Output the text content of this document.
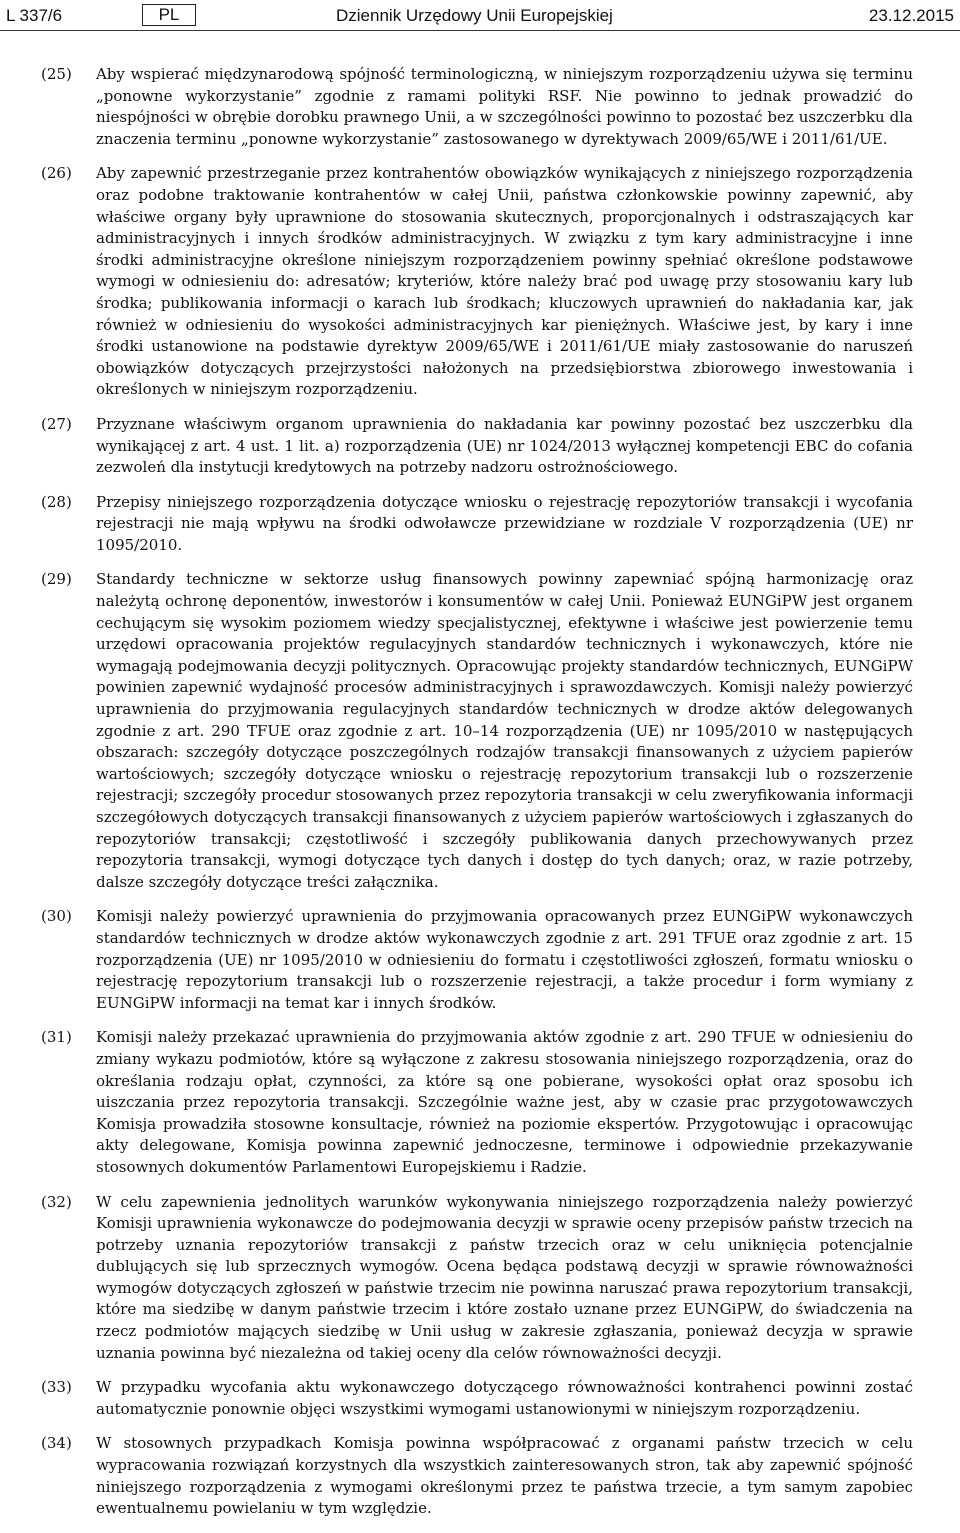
L 337/6	PL	Dziennik Urzędowy Unii Europejskiej	23.12.2015
(25) Aby wspierać międzynarodową spójność terminologiczną, w niniejszym rozporządzeniu używa się terminu „ponowne wykorzystanie” zgodnie z ramami polityki RSF. Nie powinno to jednak prowadzić do niespójności w obrębie dorobku prawnego Unii, a w szczególności powinno to pozostać bez uszczerbku dla znaczenia terminu „ponowne wykorzystanie” zastosowanego w dyrektywach 2009/65/WE i 2011/61/UE.
(26) Aby zapewnić przestrzeganie przez kontrahentów obowiązków wynikających z niniejszego rozporządzenia oraz podobne traktowanie kontrahentów w całej Unii, państwa członkowskie powinny zapewnić, aby właściwe organy były uprawnione do stosowania skutecznych, proporcjonalnych i odstraszających kar administracyjnych i innych środków administracyjnych. W związku z tym kary administracyjne i inne środki administracyjne określone niniejszym rozporządzeniem powinny spełniać określone podstawowe wymogi w odniesieniu do: adresatów; kryteriów, które należy brać pod uwagę przy stosowaniu kary lub środka; publikowania informacji o karach lub środkach; kluczowych uprawnień do nakładania kar, jak również w odniesieniu do wysokości administracyjnych kar pieniężnych. Właściwe jest, by kary i inne środki ustanowione na podstawie dyrektyw 2009/65/WE i 2011/61/UE miały zastosowanie do naruszeń obowiązków dotyczących przejrzystości nałożonych na przedsiębiorstwa zbiorowego inwestowania i określonych w niniejszym rozporządzeniu.
(27) Przyznane właściwym organom uprawnienia do nakładania kar powinny pozostać bez uszczerbku dla wynikającej z art. 4 ust. 1 lit. a) rozporządzenia (UE) nr 1024/2013 wyłącznej kompetencji EBC do cofania zezwoleń dla instytucji kredytowych na potrzeby nadzoru ostrożnościowego.
(28) Przepisy niniejszego rozporządzenia dotyczące wniosku o rejestrację repozytoriów transakcji i wycofania rejestracji nie mają wpływu na środki odwoławcze przewidziane w rozdziale V rozporządzenia (UE) nr 1095/2010.
(29) Standardy techniczne w sektorze usług finansowych powinny zapewniać spójną harmonizację oraz należytą ochronę deponentów, inwestorów i konsumentów w całej Unii. Ponieważ EUNGiPW jest organem cechującym się wysokim poziomem wiedzy specjalistycznej, efektywne i właściwe jest powierzenie temu urzędowi opracowania projektów regulacyjnych standardów technicznych i wykonawczych, które nie wymagają podejmowania decyzji politycznych. Opracowując projekty standardów technicznych, EUNGiPW powinien zapewnić wydajność procesów administracyjnych i sprawozdawczych. Komisji należy powierzyć uprawnienia do przyjmowania regulacyjnych standardów technicznych w drodze aktów delegowanych zgodnie z art. 290 TFUE oraz zgodnie z art. 10–14 rozporządzenia (UE) nr 1095/2010 w następujących obszarach: szczegóły dotyczące poszczególnych rodzajów transakcji finansowanych z użyciem papierów wartościowych; szczegóły dotyczące wniosku o rejestrację repozytorium transakcji lub o rozszerzenie rejestracji; szczegóły procedur stosowanych przez repozytoria transakcji w celu zweryfikowania informacji szczegółowych dotyczących transakcji finansowanych z użyciem papierów wartościowych i zgłaszanych do repozytoriów transakcji; częstotliwość i szczegóły publikowania danych przechowywanych przez repozytoria transakcji, wymogi dotyczące tych danych i dostęp do tych danych; oraz, w razie potrzeby, dalsze szczegóły dotyczące treści załącznika.
(30) Komisji należy powierzyć uprawnienia do przyjmowania opracowanych przez EUNGiPW wykonawczych standardów technicznych w drodze aktów wykonawczych zgodnie z art. 291 TFUE oraz zgodnie z art. 15 rozporządzenia (UE) nr 1095/2010 w odniesieniu do formatu i częstotliwości zgłoszeń, formatu wniosku o rejestrację repozytorium transakcji lub o rozszerzenie rejestracji, a także procedur i form wymiany z EUNGiPW informacji na temat kar i innych środków.
(31) Komisji należy przekazać uprawnienia do przyjmowania aktów zgodnie z art. 290 TFUE w odniesieniu do zmiany wykazu podmiotów, które są wyłączone z zakresu stosowania niniejszego rozporządzenia, oraz do określania rodzaju opłat, czynności, za które są one pobierane, wysokości opłat oraz sposobu ich uiszczania przez repozytoria transakcji. Szczególnie ważne jest, aby w czasie prac przygotowawczych Komisja prowadziła stosowne konsultacje, również na poziomie ekspertów. Przygotowując i opracowując akty delegowane, Komisja powinna zapewnić jednoczesne, terminowe i odpowiednie przekazywanie stosownych dokumentów Parlamentowi Europejskiemu i Radzie.
(32) W celu zapewnienia jednolitych warunków wykonywania niniejszego rozporządzenia należy powierzyć Komisji uprawnienia wykonawcze do podejmowania decyzji w sprawie oceny przepisów państw trzecich na potrzeby uznania repozytoriów transakcji z państw trzecich oraz w celu uniknięcia potencjalnie dublujących się lub sprzecznych wymogów. Ocena będąca podstawą decyzji w sprawie równoważności wymogów dotyczących zgłoszeń w państwie trzecim nie powinna naruszać prawa repozytorium transakcji, które ma siedzibę w danym państwie trzecim i które zostało uznane przez EUNGiPW, do świadczenia na rzecz podmiotów mających siedzibę w Unii usług w zakresie zgłaszania, ponieważ decyzja w sprawie uznania powinna być niezależna od takiej oceny dla celów równoważności decyzji.
(33) W przypadku wycofania aktu wykonawczego dotyczącego równoważności kontrahenci powinni zostać automatycznie ponownie objęci wszystkimi wymogami ustanowionymi w niniejszym rozporządzeniu.
(34) W stosownych przypadkach Komisja powinna współpracować z organami państw trzecich w celu wypracowania rozwiązań korzystnych dla wszystkich zainteresowanych stron, tak aby zapewnić spójność niniejszego rozporządzenia z wymogami określonymi przez te państwa trzecie, a tym samym zapobiec ewentualnemu powielaniu w tym względzie.
